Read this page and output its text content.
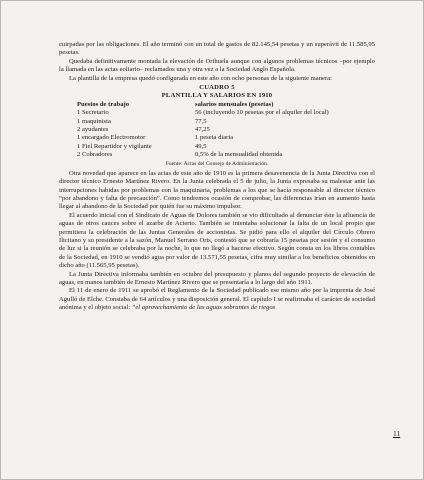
cuirpadas por las obligaciones. El año terminó con un total de gastos de 82.145,54 pesetas y un superávit de 11.585,95 pesetas.

Quedaba definitivamente montada la elevación de Orihuela aunque con algunos problemas técnicos –por ejemplo la llamada en las actas eoliario– reclamados una y otra vez a la Sociedad Anglo Española.

La plantilla de la empresa quedó configurada en este año con ocho personas de la siguiente manera:

CUADRO 5

PLANTILLA Y SALARIOS EN 1910

Puestos de trabajo	salarios mensuales (pesetas)
1 Secretario	56 (incluyendo 10 pesetas por el alquiler del local)
1 maquinista	77,5
2 ayudantes	47,25
1 encargado Electromotor	1 peseta diaria
1 Fiel Repartidor y vigilante	49,5
2 Cobradores	0,5% de la mensualidad obtenida

Fuente: Actas del Consejo de Administración.

Otra novedad que aparece en las actas de este año de 1910 es la primera desavenencia de la Junta Directiva con el director técnico Ernesto Martínez Rivero. En la Junta celebrada el 5 de julio, la Junta expresaba su malestar ante las interrupciones habidas por problemas con la maquinaria, problemas a los que se hacía responsable al director técnico “por abandono y falta de precaución”. Como tendremos ocasión de comprobar, las diferencias irían en aumento hasta llegar al abandono de la Sociedad por quién fue su máximo impulsor.

El acuerdo inicial con el Sindicato de Aguas de Dolores también se vio dificultado al denunciar éste la afluencia de aguas de otros cauces sobre el azarbe de Acierto. También se intentaba solucionar la falta de un local propio que permitiera la celebración de las Juntas Generales de accionistas. Se pidió para ello el alquiler del Círculo Obrero Ilicitano y su presidente a la sazón, Manuel Serrano Orts, contestó que se cobraría 15 pesetas por sesión y el consumo de luz si la reunión se celebraba por la noche, lo que no llegó a hacerse efectivo. Según consta en los libros contables de la Sociedad, en 1910 se vendió agua por valor de 13.571,55 pesetas, cifra muy similar a los beneficios obtenidos en dicho año (11.565,95 pesetas).

La Junta Directiva informaba también en octubre del presupuesto y planos del segundo proyecto de elevación de aguas, en manos también de Ernesto Martínez Rivero que se presentaría a lo largo del año 1911.

El 11 de enero de 1911 se aprobó el Reglamento de la Sociedad publicado ese mismo año por la imprenta de José Agulló de Elche. Constaba de 64 artículos y una disposición general. El capítulo I se reafirmaba el carácter de sociedad anónima y el objeto social: “el aprovechamiento de las aguas sobrantes de riegos

11
